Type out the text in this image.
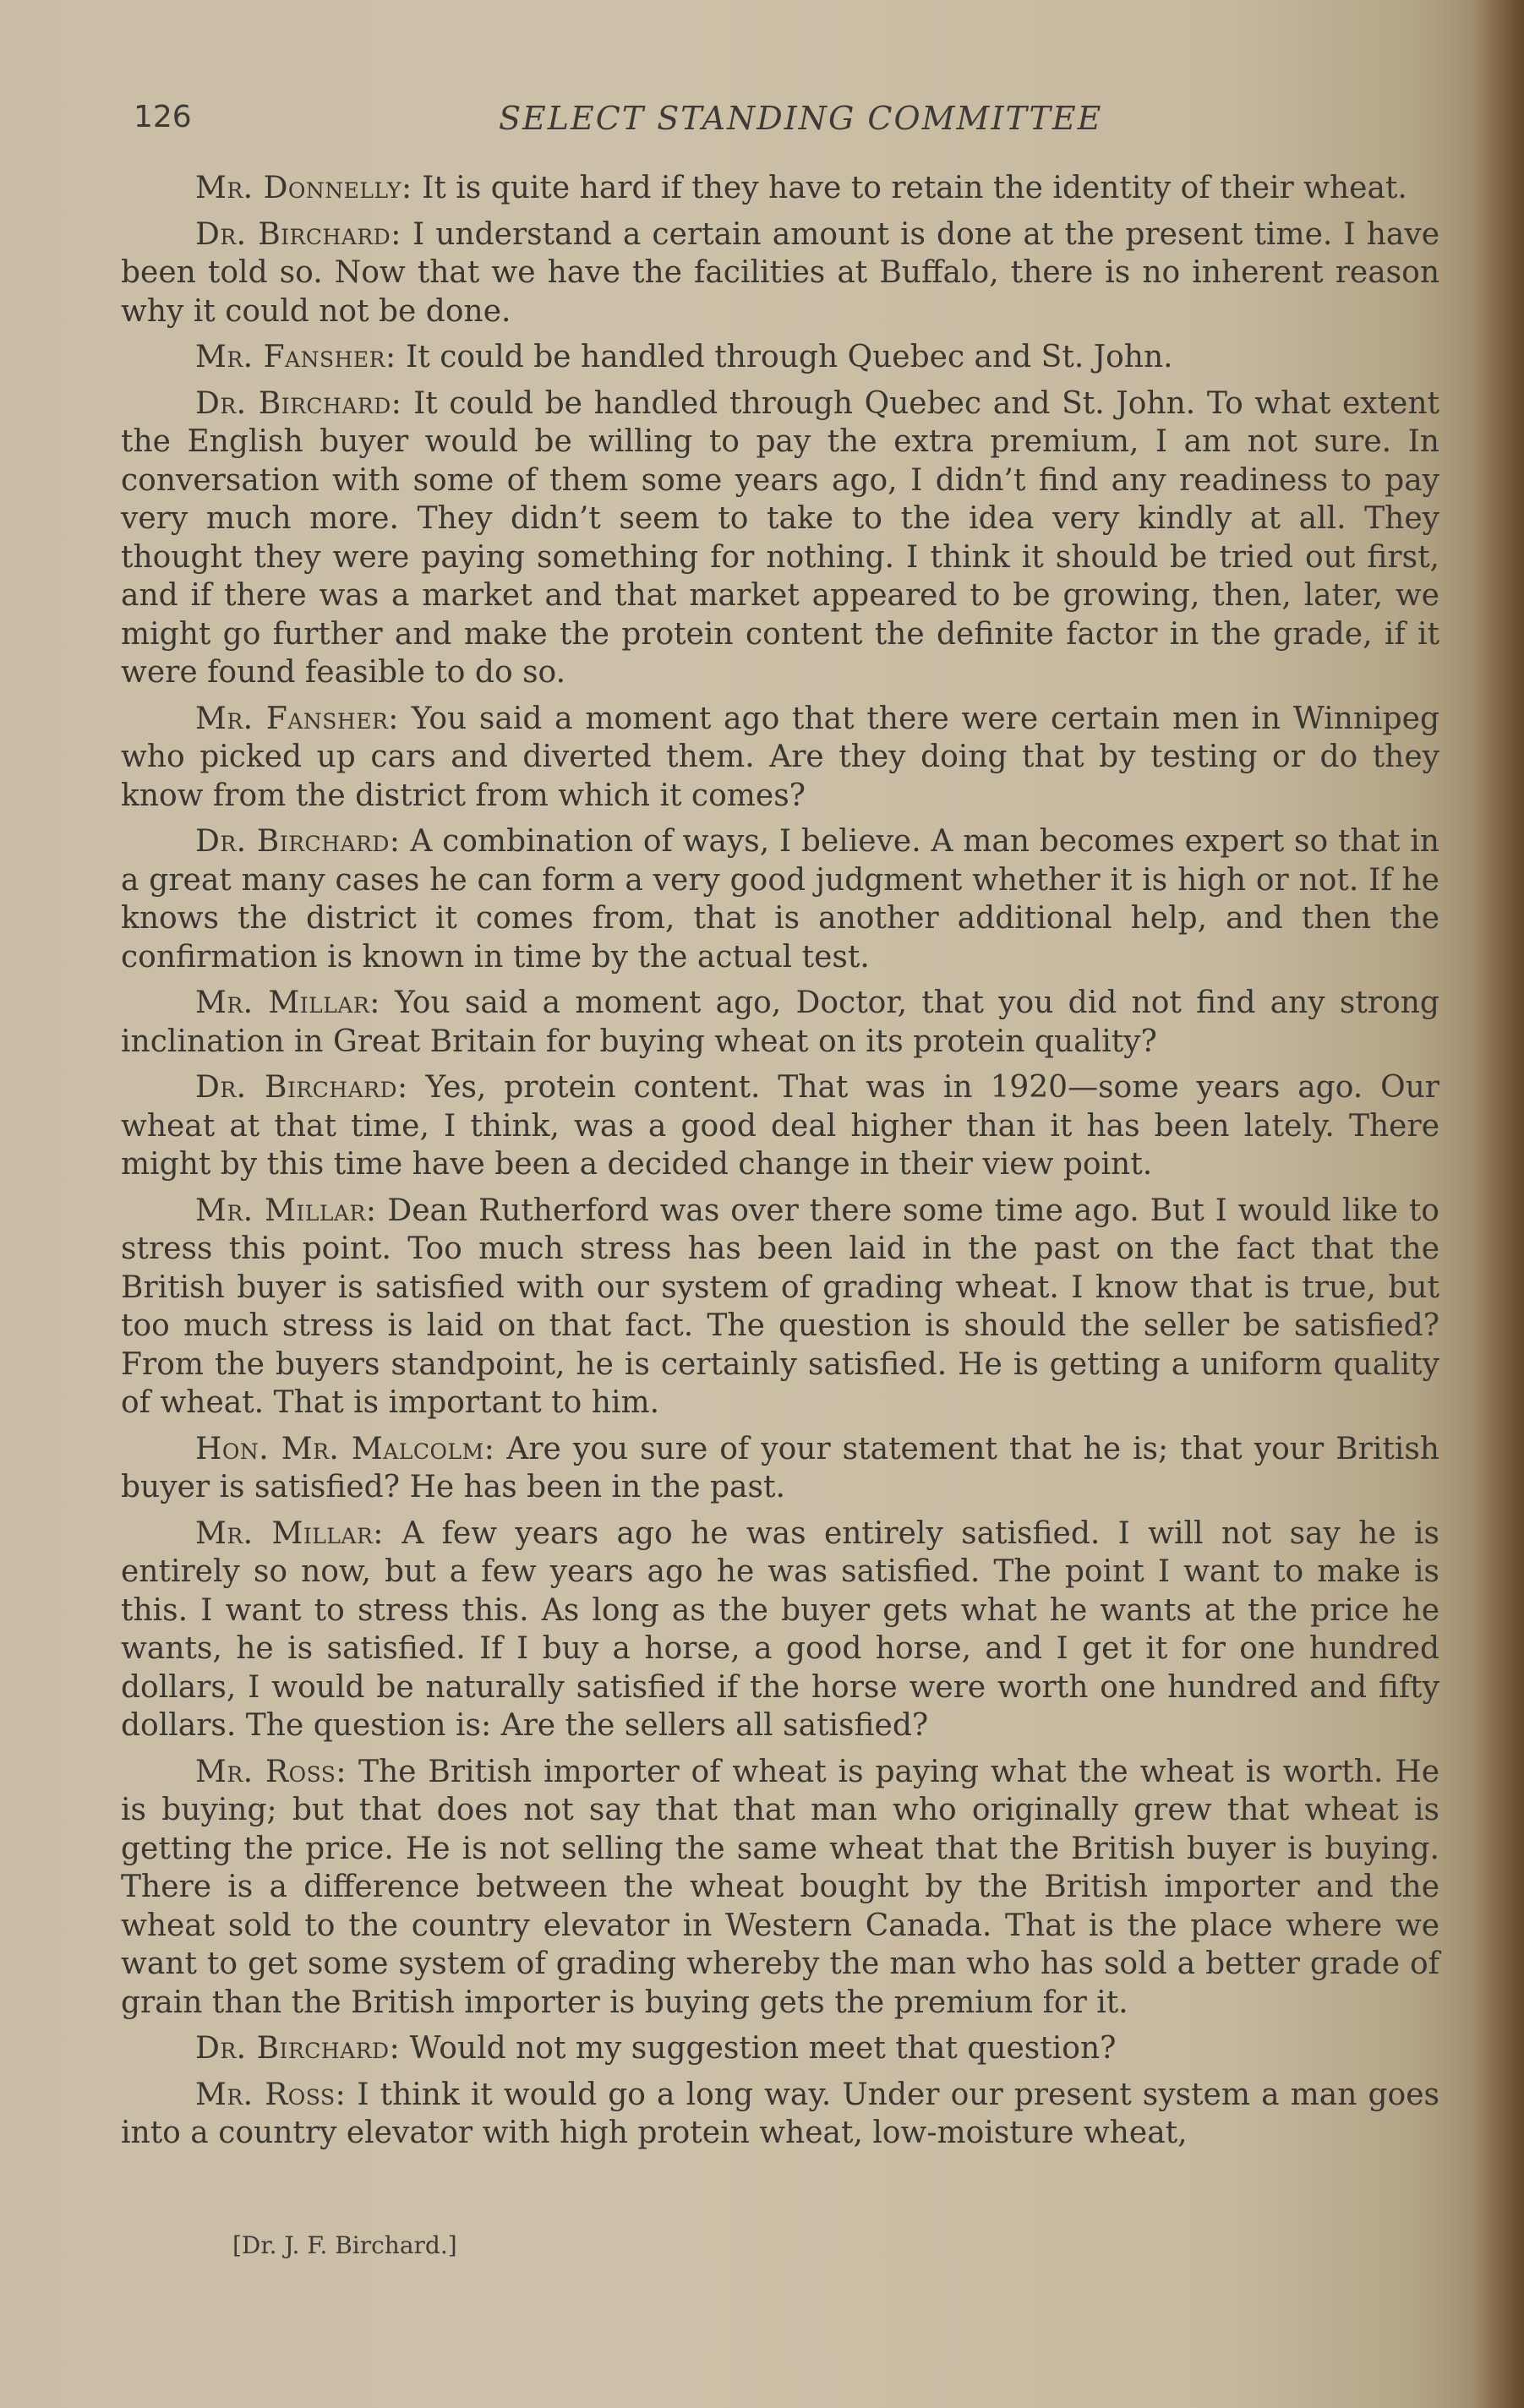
126	SELECT STANDING COMMITTEE

Mr. Donnelly: It is quite hard if they have to retain the identity of their wheat.

Dr. Birchard: I understand a certain amount is done at the present time. I have been told so. Now that we have the facilities at Buffalo, there is no inherent reason why it could not be done.

Mr. Fansher: It could be handled through Quebec and St. John.

Dr. Birchard: It could be handled through Quebec and St. John. To what extent the English buyer would be willing to pay the extra premium, I am not sure. In conversation with some of them some years ago, I didn’t find any readiness to pay very much more. They didn’t seem to take to the idea very kindly at all. They thought they were paying something for nothing. I think it should be tried out first, and if there was a market and that market appeared to be growing, then, later, we might go further and make the protein content the definite factor in the grade, if it were found feasible to do so.

Mr. Fansher: You said a moment ago that there were certain men in Winnipeg who picked up cars and diverted them. Are they doing that by testing or do they know from the district from which it comes?

Dr. Birchard: A combination of ways, I believe. A man becomes expert so that in a great many cases he can form a very good judgment whether it is high or not. If he knows the district it comes from, that is another additional help, and then the confirmation is known in time by the actual test.

Mr. Millar: You said a moment ago, Doctor, that you did not find any strong inclination in Great Britain for buying wheat on its protein quality?

Dr. Birchard: Yes, protein content. That was in 1920—some years ago. Our wheat at that time, I think, was a good deal higher than it has been lately. There might by this time have been a decided change in their view point.

Mr. Millar: Dean Rutherford was over there some time ago. But I would like to stress this point. Too much stress has been laid in the past on the fact that the British buyer is satisfied with our system of grading wheat. I know that is true, but too much stress is laid on that fact. The question is should the seller be satisfied? From the buyers standpoint, he is certainly satisfied. He is getting a uniform quality of wheat. That is important to him.

Hon. Mr. Malcolm: Are you sure of your statement that he is; that your British buyer is satisfied? He has been in the past.

Mr. Millar: A few years ago he was entirely satisfied. I will not say he is entirely so now, but a few years ago he was satisfied. The point I want to make is this. I want to stress this. As long as the buyer gets what he wants at the price he wants, he is satisfied. If I buy a horse, a good horse, and I get it for one hundred dollars, I would be naturally satisfied if the horse were worth one hundred and fifty dollars. The question is: Are the sellers all satisfied?

Mr. Ross: The British importer of wheat is paying what the wheat is worth. He is buying; but that does not say that that man who originally grew that wheat is getting the price. He is not selling the same wheat that the British buyer is buying. There is a difference between the wheat bought by the British importer and the wheat sold to the country elevator in Western Canada. That is the place where we want to get some system of grading whereby the man who has sold a better grade of grain than the British importer is buying gets the premium for it.

Dr. Birchard: Would not my suggestion meet that question?

Mr. Ross: I think it would go a long way. Under our present system a man goes into a country elevator with high protein wheat, low-moisture wheat,

[Dr. J. F. Birchard.]
